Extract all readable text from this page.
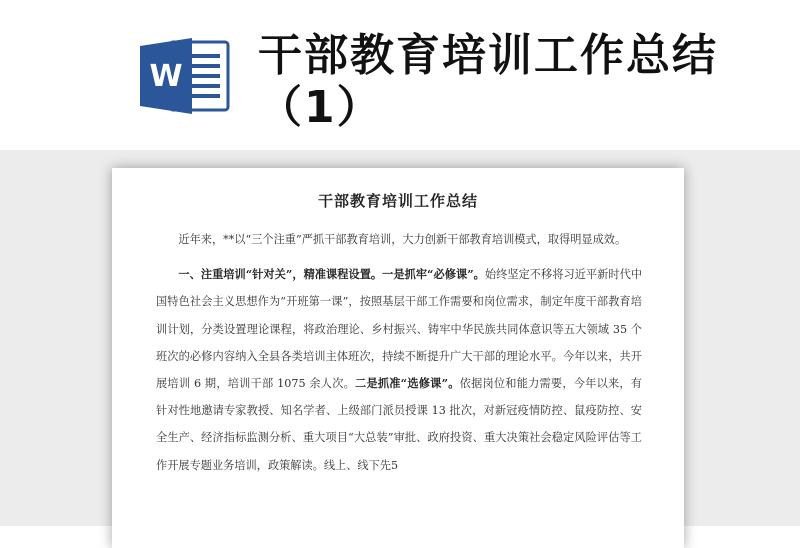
W 干部教育培训工作总结（1）
干部教育培训工作总结

近年来，**以“三个注重”严抓干部教育培训，大力创新干部教育培训模式，取得明显成效。

一、注重培训“针对关”，精准课程设置。一是抓牢“必修课”。始终坚定不移将习近平新时代中国特色社会主义思想作为“开班第一课”，按照基层干部工作需要和岗位需求，制定年度干部教育培训计划，分类设置理论课程，将政治理论、乡村振兴、铸牢中华民族共同体意识等五大领域 35 个班次的必修内容纳入全县各类培训主体班次，持续不断提升广大干部的理论水平。今年以来，共开展培训 6 期，培训干部 1075 余人次。二是抓准“选修课”。依据岗位和能力需要，今年以来，有针对性地邀请专家教授、知名学者、上级部门派员授课 13 批次，对新冠疫情防控、鼠疫防控、安全生产、经济指标监测分析、重大项目“大总装”审批、政府投资、重大决策社会稳定风险评估等工作开展专题业务培训，政策解读。线上、线下先5
